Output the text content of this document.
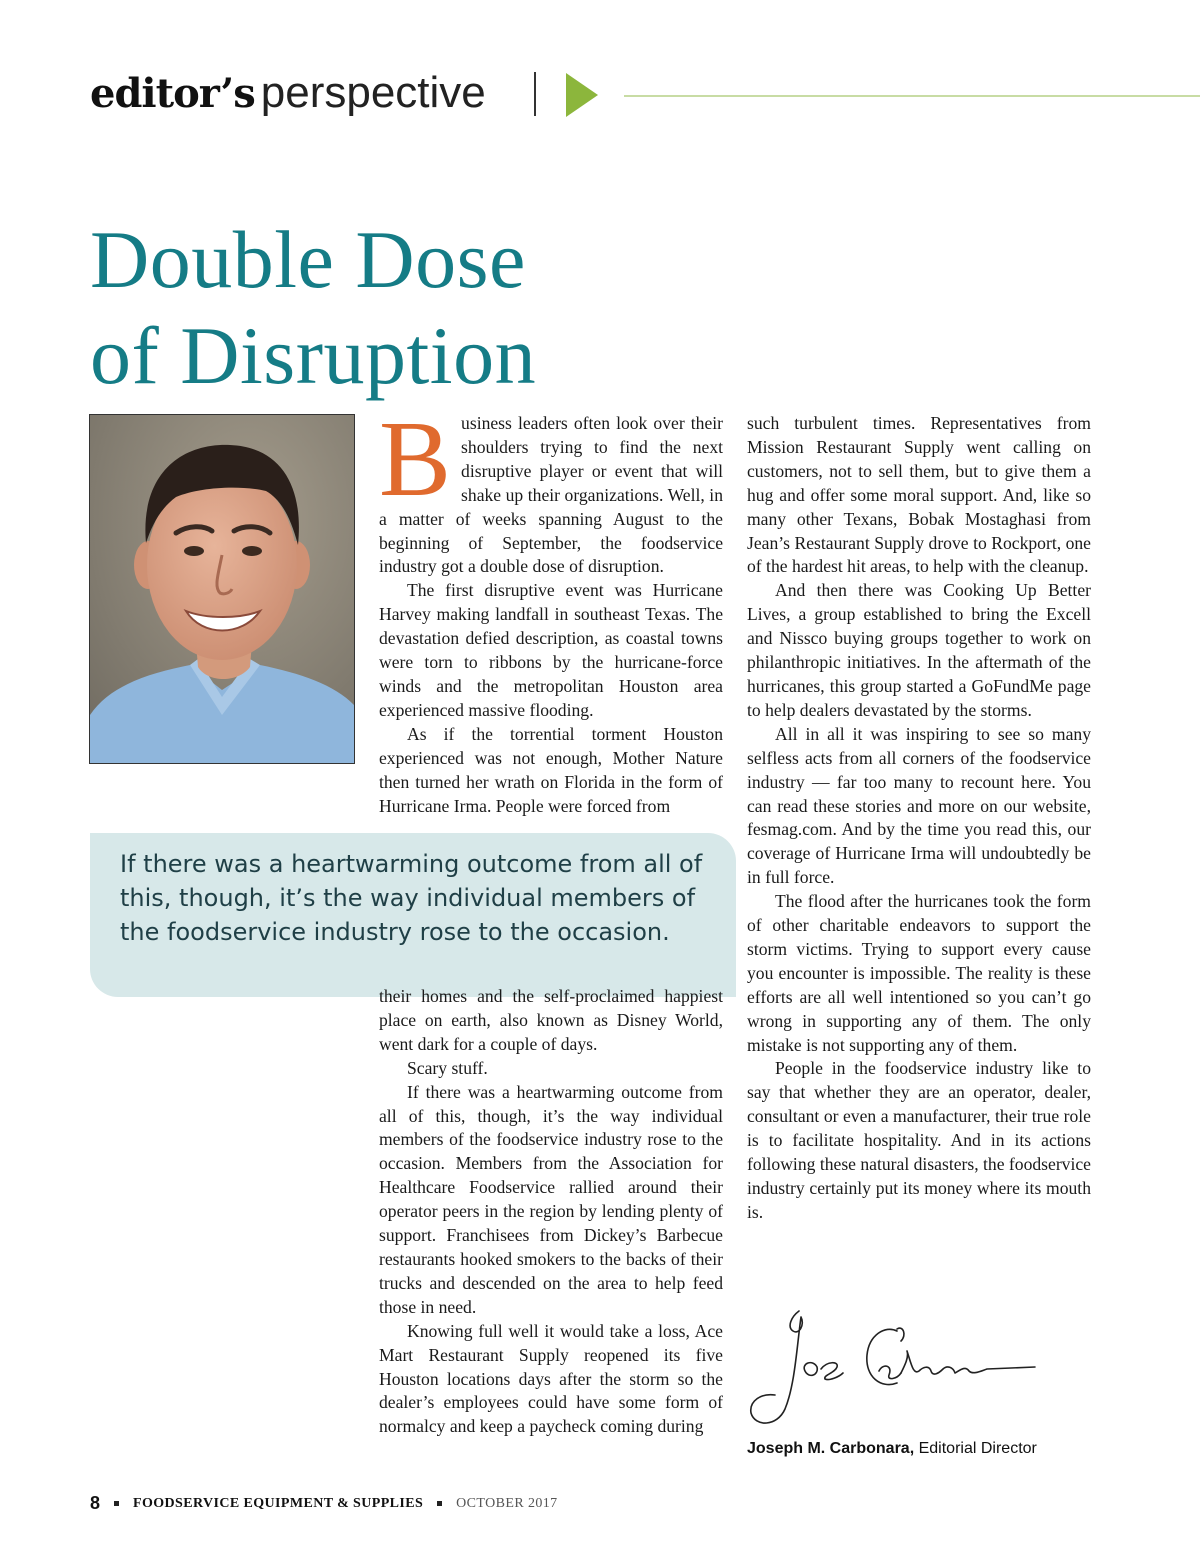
editor’s perspective
Double Dose
of Disruption

Business leaders often look over their shoulders trying to find the next disruptive player or event that will shake up their organizations. Well, in a matter of weeks spanning August to the beginning of September, the foodservice industry got a double dose of disruption.

The first disruptive event was Hurricane Harvey making landfall in southeast Texas. The devastation defied description, as coastal towns were torn to ribbons by the hurricane-force winds and the metropolitan Houston area experienced massive flooding.

As if the torrential torment Houston experienced was not enough, Mother Nature then turned her wrath on Florida in the form of Hurricane Irma. People were forced from

If there was a heartwarming outcome from all of this, though, it’s the way individual members of the foodservice industry rose to the occasion.

their homes and the self-proclaimed happiest place on earth, also known as Disney World, went dark for a couple of days.

Scary stuff.

If there was a heartwarming outcome from all of this, though, it’s the way individual members of the foodservice industry rose to the occasion. Members from the Association for Healthcare Foodservice rallied around their operator peers in the region by lending plenty of support. Franchisees from Dickey’s Barbecue restaurants hooked smokers to the backs of their trucks and descended on the area to help feed those in need.

Knowing full well it would take a loss, Ace Mart Restaurant Supply reopened its five Houston locations days after the storm so the dealer’s employees could have some form of normalcy and keep a paycheck coming during

such turbulent times. Representatives from Mission Restaurant Supply went calling on customers, not to sell them, but to give them a hug and offer some moral support. And, like so many other Texans, Bobak Mostaghasi from Jean’s Restaurant Supply drove to Rockport, one of the hardest hit areas, to help with the cleanup.

And then there was Cooking Up Better Lives, a group established to bring the Excell and Nissco buying groups together to work on philanthropic initiatives. In the aftermath of the hurricanes, this group started a GoFundMe page to help dealers devastated by the storms.

All in all it was inspiring to see so many selfless acts from all corners of the foodservice industry — far too many to recount here. You can read these stories and more on our website, fesmag.com. And by the time you read this, our coverage of Hurricane Irma will undoubtedly be in full force.

The flood after the hurricanes took the form of other charitable endeavors to support the storm victims. Trying to support every cause you encounter is impossible. The reality is these efforts are all well intentioned so you can’t go wrong in supporting any of them. The only mistake is not supporting any of them.

People in the foodservice industry like to say that whether they are an operator, dealer, consultant or even a manufacturer, their true role is to facilitate hospitality. And in its actions following these natural disasters, the foodservice industry certainly put its money where its mouth is.

Joseph M. Carbonara, Editorial Director
8 FOODSERVICE EQUIPMENT & SUPPLIES OCTOBER 2017
